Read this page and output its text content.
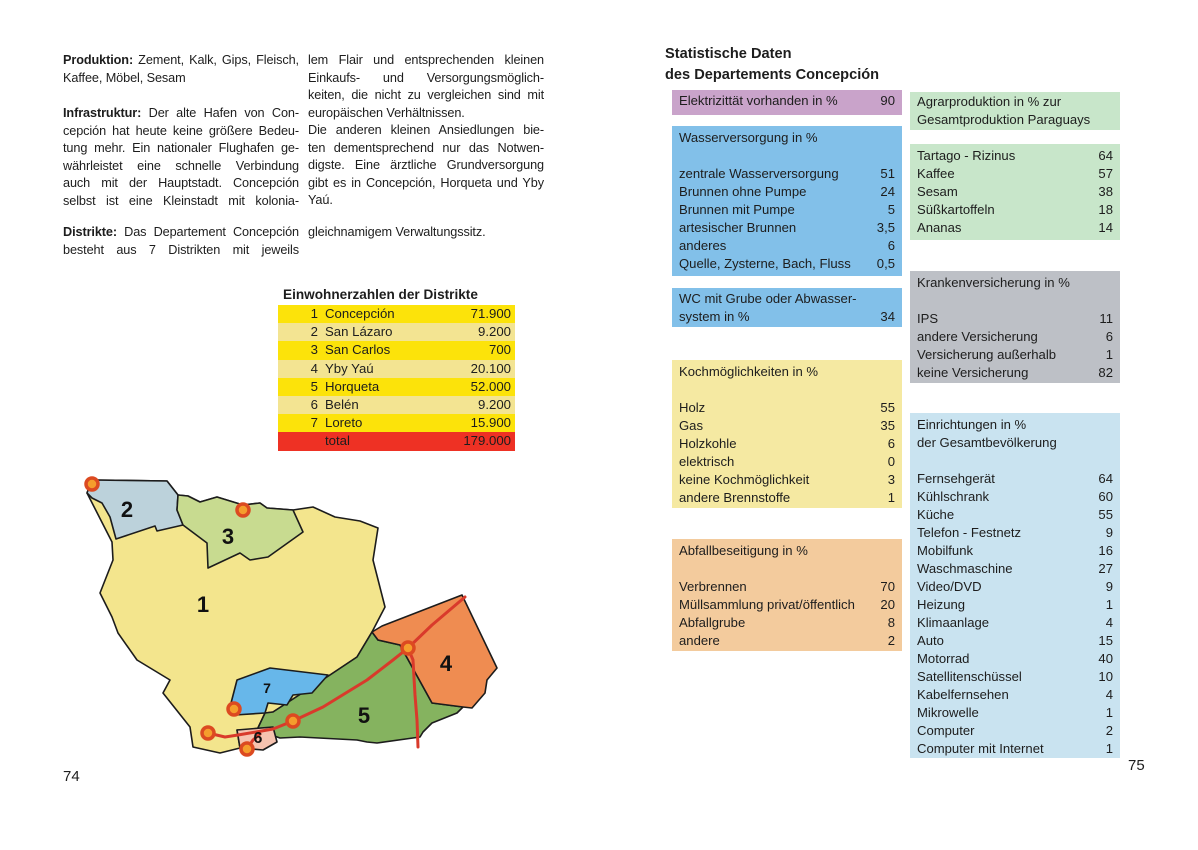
Produktion: Zement, Kalk, Gips, Fleisch,
Kaffee, Möbel, Sesam
Infrastruktur: Der alte Hafen von Con-
cepción hat heute keine größere Bedeu-
tung mehr. Ein nationaler Flughafen ge-
währleistet eine schnelle Verbindung
auch mit der Hauptstadt. Concepción
selbst ist eine Kleinstadt mit kolonia-
Distrikte: Das Departement Concepción
besteht aus 7 Distrikten mit jeweils
lem Flair und entsprechenden kleinen
Einkaufs- und Versorgungsmöglich-
keiten, die nicht zu vergleichen sind mit
europäischen Verhältnissen.
Die anderen kleinen Ansiedlungen bie-
ten dementsprechend nur das Notwen-
digste. Eine ärztliche Grundversorgung
gibt es in Concepción, Horqueta und Yby
Yaú.
gleichnamigem Verwaltungssitz.
Einwohnerzahlen der Distrikte
1 Concepción	71.900
2 San Lázaro	9.200
3 San Carlos	700
4 Yby Yaú	20.100
5 Horqueta	52.000
6 Belén	9.200
7 Loreto	15.900
total	179.000
1
2
3
4
5
6
7
74
Statistische Daten
des Departements Concepción
Elektrizittät vorhanden in %	90
Wasserversorgung in %
zentrale Wasserversorgung	51
Brunnen ohne Pumpe	24
Brunnen mit Pumpe	5
artesischer Brunnen	3,5
anderes	6
Quelle, Zysterne, Bach, Fluss 0,5
WC mit Grube oder Abwasser-
system in %	34
Kochmöglichkeiten in %
Holz	55
Gas	35
Holzkohle	6
elektrisch	0
keine Kochmöglichkeit	3
andere Brennstoffe	1
Abfallbeseitigung in %
Verbrennen	70
Müllsammlung privat/öffentlich 20
Abfallgrube	8
andere	2
Agrarproduktion in % zur
Gesamtproduktion Paraguays
Tartago - Rizinus	64
Kaffee	57
Sesam	38
Süßkartoffeln	18
Ananas	14
Krankenversicherung in %
IPS	11
andere Versicherung	6
Versicherung außerhalb	1
keine Versicherung	82
Einrichtungen in %
der Gesamtbevölkerung
Fernsehgerät	64
Kühlschrank	60
Küche	55
Telefon - Festnetz	9
Mobilfunk	16
Waschmaschine	27
Video/DVD	9
Heizung	1
Klimaanlage	4
Auto	15
Motorrad	40
Satellitenschüssel	10
Kabelfernsehen	4
Mikrowelle	1
Computer	2
Computer mit Internet	1
75
